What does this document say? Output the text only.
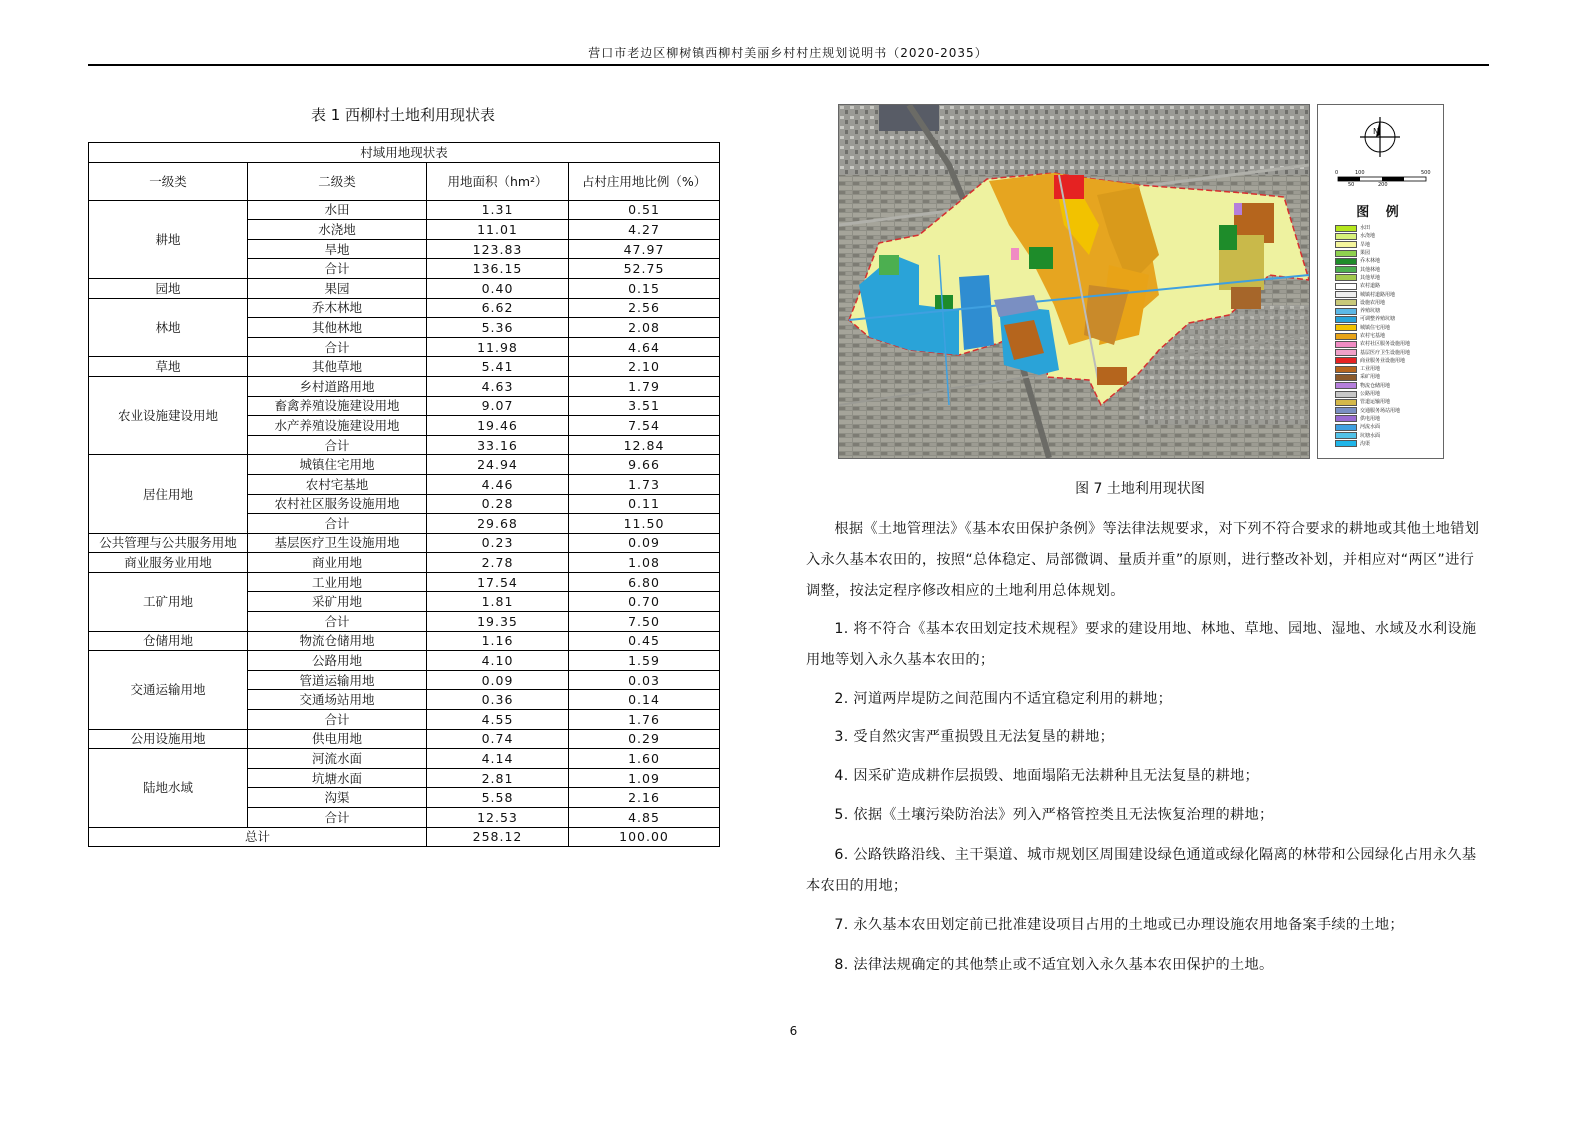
营口市老边区柳树镇西柳村美丽乡村村庄规划说明书（2020-2035）
表 1 西柳村土地利用现状表
村域用地现状表			
一级类	二级类	用地面积（hm²）	占村庄用地比例（%）
耕地	水田	1.31	0.51
	水浇地	11.01	4.27
	旱地	123.83	47.97
	合计	136.15	52.75
园地	果园	0.40	0.15
林地	乔木林地	6.62	2.56
	其他林地	5.36	2.08
	合计	11.98	4.64
草地	其他草地	5.41	2.10
农业设施建设用地	乡村道路用地	4.63	1.79
	畜禽养殖设施建设用地	9.07	3.51
	水产养殖设施建设用地	19.46	7.54
	合计	33.16	12.84
居住用地	城镇住宅用地	24.94	9.66
	农村宅基地	4.46	1.73
	农村社区服务设施用地	0.28	0.11
	合计	29.68	11.50
公共管理与公共服务用地	基层医疗卫生设施用地	0.23	0.09
商业服务业用地	商业用地	2.78	1.08
工矿用地	工业用地	17.54	6.80
	采矿用地	1.81	0.70
	合计	19.35	7.50
仓储用地	物流仓储用地	1.16	0.45
交通运输用地	公路用地	4.10	1.59
	管道运输用地	0.09	0.03
	交通场站用地	0.36	0.14
	合计	4.55	1.76
公用设施用地	供电用地	0.74	0.29
陆地水域	河流水面	4.14	1.60
	坑塘水面	2.81	1.09
	沟渠	5.58	2.16
	合计	12.53	4.85
总计		258.12	100.00
N
0	100	500
50	200
图 例
水田
水浇地
旱地
果园
乔木林地
其他林地
其他草地
农村道路
城镇村道路用地
设施农用地
养殖坑塘
可调整养殖坑塘
城镇住宅用地
农村宅基地
农村社区服务设施用地
基层医疗卫生设施用地
商业服务业设施用地
工业用地
采矿用地
物流仓储用地
公路用地
管道运输用地
交通服务场站用地
供电用地
河流水面
坑塘水面
沟渠
图 7 土地利用现状图

根据《土地管理法》《基本农田保护条例》等法律法规要求，对下列不符合要求的耕地或其他土地错划入永久基本农田的，按照“总体稳定、局部微调、量质并重”的原则，进行整改补划，并相应对“两区”进行调整，按法定程序修改相应的土地利用总体规划。

1. 将不符合《基本农田划定技术规程》要求的建设用地、林地、草地、园地、湿地、水域及水利设施用地等划入永久基本农田的；

2. 河道两岸堤防之间范围内不适宜稳定利用的耕地；

3. 受自然灾害严重损毁且无法复垦的耕地；

4. 因采矿造成耕作层损毁、地面塌陷无法耕种且无法复垦的耕地；

5. 依据《土壤污染防治法》列入严格管控类且无法恢复治理的耕地；

6. 公路铁路沿线、主干渠道、城市规划区周围建设绿色通道或绿化隔离的林带和公园绿化占用永久基本农田的用地；

7. 永久基本农田划定前已批准建设项目占用的土地或已办理设施农用地备案手续的土地；

8. 法律法规确定的其他禁止或不适宜划入永久基本农田保护的土地。

6
